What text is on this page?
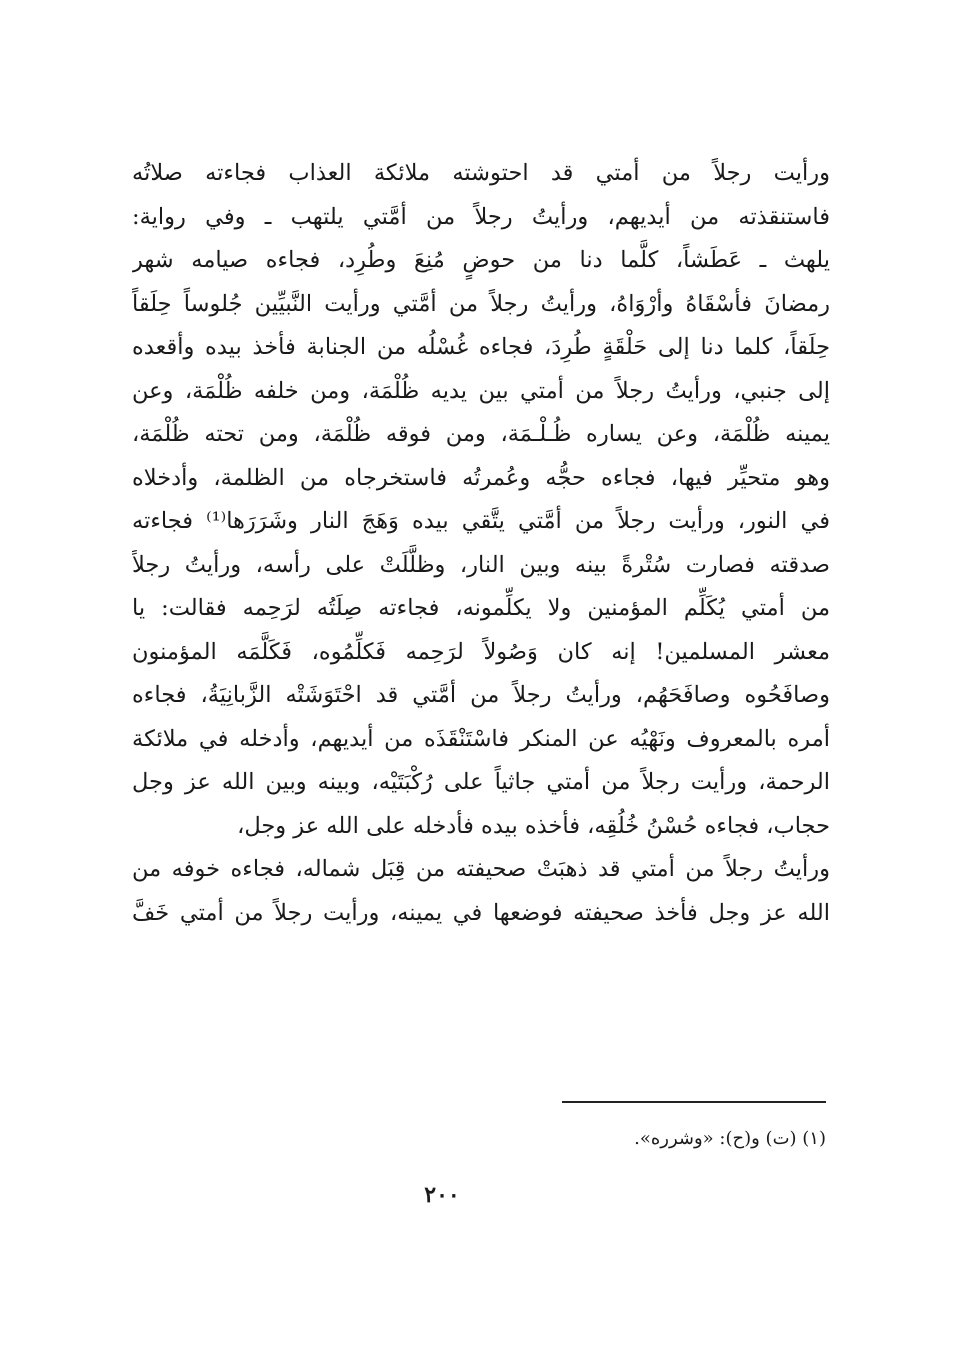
ورأيت رجلاً من أمتي قد احتوشته ملائكة العذاب فجاءته صلاتُه
فاستنقذته من أيديهم، ورأيتُ رجلاً من أمَّتي يلتهب ـ وفي رواية:
يلهث ـ عَطَشاً، كلَّما دنا من حوضٍ مُنِعَ وطُرِد، فجاءه صيامه شهر
رمضانَ فأسْقَاهُ وأرْوَاهُ، ورأيتُ رجلاً من أمَّتي ورأيت النَّبيِّين جُلوساً حِلَقاً
حِلَقاً، كلما دنا إلى حَلْقَةٍ طُرِدَ، فجاءه غُسْلُه من الجنابة فأخذ بيده وأقعده
إلى جنبي، ورأيتُ رجلاً من أمتي بين يديه ظُلْمَة، ومن خلفه ظُلْمَة، وعن
يمينه ظُلْمَة، وعن يساره ظُـلْـمَة، ومن فوقه ظُلْمَة، ومن تحته ظُلْمَة،
وهو متحيِّر فيها، فجاءه حجُّه وعُمرتُه فاستخرجاه من الظلمة، وأدخلاه
في النور، ورأيت رجلاً من أمَّتي يتَّقي بيده وَهَجَ النار وشَرَرَها⁽¹⁾ فجاءته
صدقته فصارت سُتْرةً بينه وبين النار، وظلَّلَتْ على رأسه، ورأيتُ رجلاً
من أمتي يُكَلِّم المؤمنين ولا يكلِّمونه، فجاءته صِلَتُه لرَحِمه فقالت: يا
معشر المسلمين! إنه كان وَصُولاً لرَحِمه فَكلِّمُوه، فَكَلَّمَه المؤمنون
وصافَحُوه وصافَحَهُم، ورأيتُ رجلاً من أمَّتي قد احْتَوَشَتْه الزَّبانِيَةُ، فجاءه
أمره بالمعروف ونَهْيُه عن المنكر فاسْتَنْقَذَه من أيديهم، وأدخله في ملائكة
الرحمة، ورأيت رجلاً من أمتي جاثياً على رُكْبَتَيْه، وبينه وبين الله عز وجل
حجاب، فجاءه حُسْنُ خُلُقِه، فأخذه بيده فأدخله على الله عز وجل،
ورأيتُ رجلاً من أمتي قد ذهبَتْ صحيفته من قِبَل شماله، فجاءه خوفه من
الله عز وجل فأخذ صحيفته فوضعها في يمينه، ورأيت رجلاً من أمتي خَفَّ
(١) (ت) و(ح): «وشرره».
٢٠٠
